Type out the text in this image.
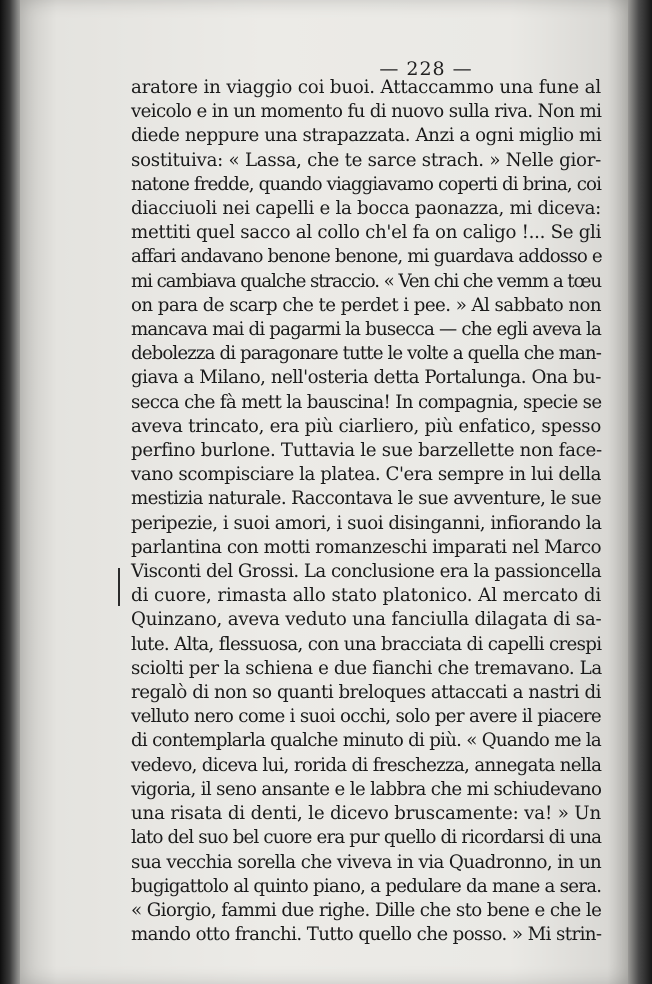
— 228 —
aratore in viaggio coi buoi. Attaccammo una fune al
veicolo e in un momento fu di nuovo sulla riva. Non mi
diede neppure una strapazzata. Anzi a ogni miglio mi
sostituiva: « Lassa, che te sarce strach. » Nelle gior-
natone fredde, quando viaggiavamo coperti di brina, coi
diacciuoli nei capelli e la bocca paonazza, mi diceva:
mettiti quel sacco al collo ch'el fa on caligo !... Se gli
affari andavano benone benone, mi guardava addosso e
mi cambiava qualche straccio. « Ven chi che vemm a tœu
on para de scarp che te perdet i pee. » Al sabbato non
mancava mai di pagarmi la busecca — che egli aveva la
debolezza di paragonare tutte le volte a quella che man-
giava a Milano, nell'osteria detta Portalunga. Ona bu-
secca che fà mett la bauscina! In compagnia, specie se
aveva trincato, era più ciarliero, più enfatico, spesso
perfino burlone. Tuttavia le sue barzellette non face-
vano scompisciare la platea. C'era sempre in lui della
mestizia naturale. Raccontava le sue avventure, le sue
peripezie, i suoi amori, i suoi disinganni, infiorando la
parlantina con motti romanzeschi imparati nel Marco
Visconti del Grossi. La conclusione era la passioncella
di cuore, rimasta allo stato platonico. Al mercato di
Quinzano, aveva veduto una fanciulla dilagata di sa-
lute. Alta, flessuosa, con una bracciata di capelli crespi
sciolti per la schiena e due fianchi che tremavano. La
regalò di non so quanti breloques attaccati a nastri di
velluto nero come i suoi occhi, solo per avere il piacere
di contemplarla qualche minuto di più. « Quando me la
vedevo, diceva lui, rorida di freschezza, annegata nella
vigoria, il seno ansante e le labbra che mi schiudevano
una risata di denti, le dicevo bruscamente: va! » Un
lato del suo bel cuore era pur quello di ricordarsi di una
sua vecchia sorella che viveva in via Quadronno, in un
bugigattolo al quinto piano, a pedulare da mane a sera.
« Giorgio, fammi due righe. Dille che sto bene e che le
mando otto franchi. Tutto quello che posso. » Mi strin-
